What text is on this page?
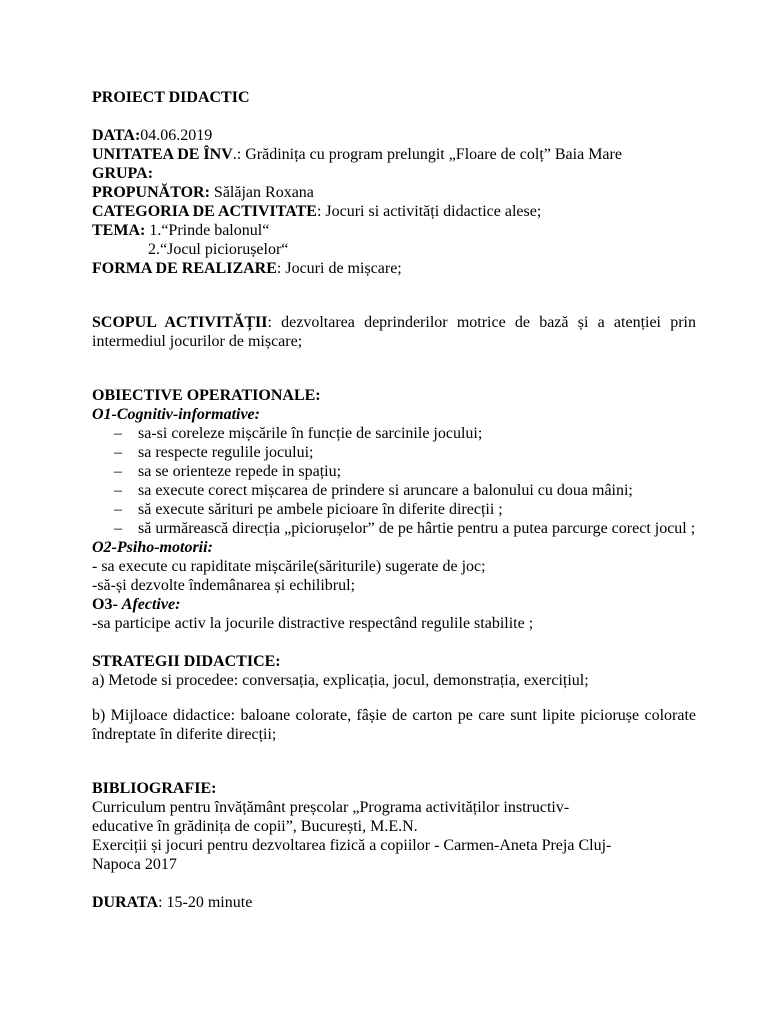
PROIECT DIDACTIC

DATA:04.06.2019

UNITATEA DE ÎNV.: Grădinița cu program prelungit „Floare de colț” Baia Mare

GRUPA:

PROPUNĂTOR: Sălăjan Roxana

CATEGORIA DE ACTIVITATE: Jocuri si activități didactice alese;

TEMA: 1.“Prinde balonul“

2.“Jocul piciorușelor“

FORMA DE REALIZARE: Jocuri de mișcare;

SCOPUL ACTIVITĂȚII: dezvoltarea deprinderilor motrice de bază și a atenției prin intermediul jocurilor de mișcare;

OBIECTIVE OPERATIONALE:

O1-Cognitiv-informative:

– sa-si coreleze mișcările în funcție de sarcinile jocului;
– sa respecte regulile jocului;
– sa se orienteze repede in spațiu;
– sa execute corect mișcarea de prindere si aruncare a balonului cu doua mâini;
– să execute sărituri pe ambele picioare în diferite direcții ;
– să urmărească direcția „piciorușelor” de pe hârtie pentru a putea parcurge corect jocul ;

O2-Psiho-motorii:

- sa execute cu rapiditate mișcările(săriturile) sugerate de joc;

-să-și dezvolte îndemânarea și echilibrul;

O3- Afective:

-sa participe activ la jocurile distractive respectând regulile stabilite ;

STRATEGII DIDACTICE:

a) Metode si procedee: conversația, explicația, jocul, demonstrația, exercițiul;

b) Mijloace didactice: baloane colorate, fâșie de carton pe care sunt lipite piciorușe colorate îndreptate în diferite direcții;

BIBLIOGRAFIE:

Curriculum pentru învățământ preșcolar „Programa activităților instructiv-

educative în grădinița de copii”, București, M.E.N.

Exerciții și jocuri pentru dezvoltarea fizică a copiilor - Carmen-Aneta Preja Cluj-

Napoca 2017

DURATA: 15-20 minute
